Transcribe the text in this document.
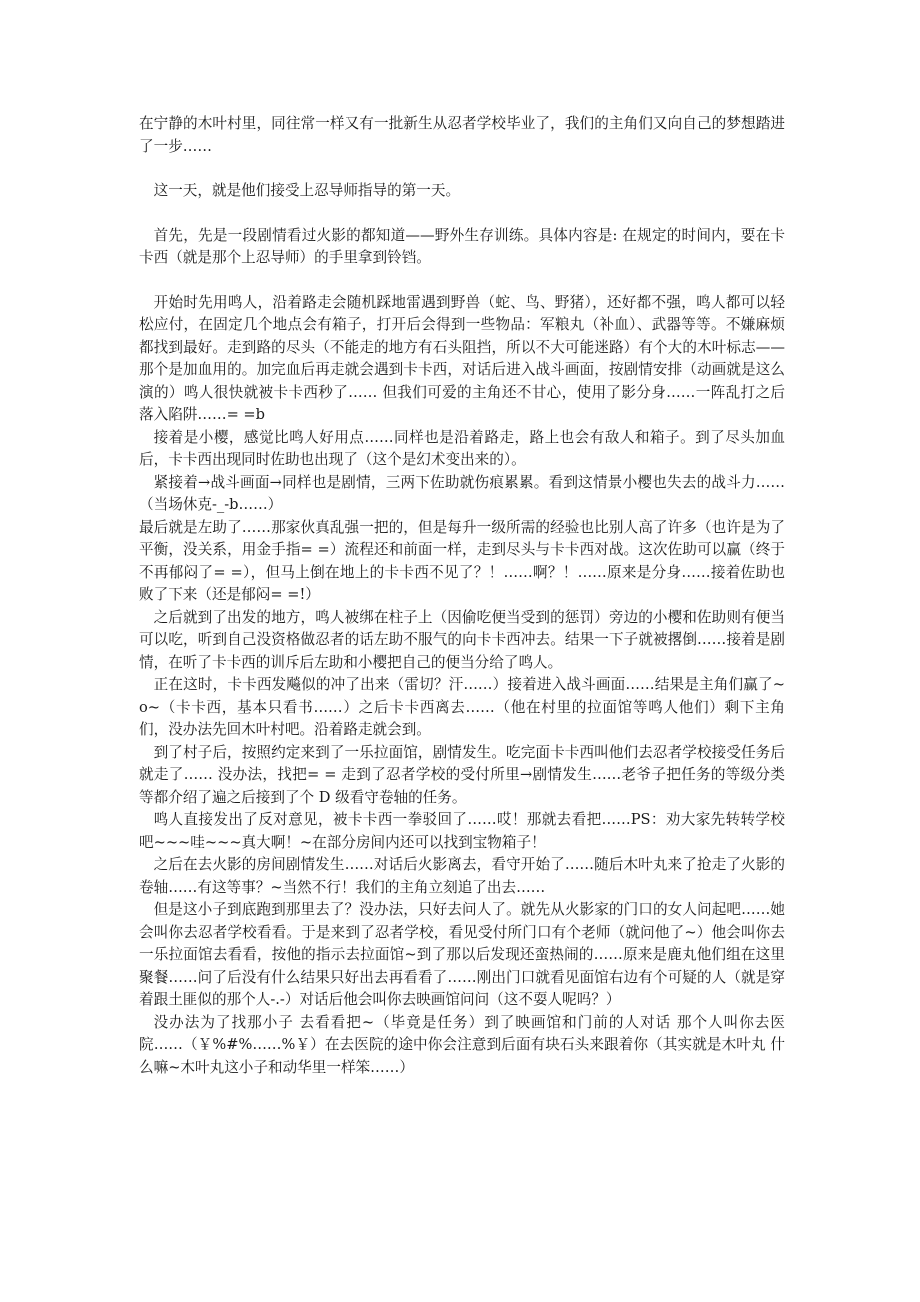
在宁静的木叶村里，同往常一样又有一批新生从忍者学校毕业了，我们的主角们又向自己的梦想踏进了一步……

这一天，就是他们接受上忍导师指导的第一天。

首先，先是一段剧情看过火影的都知道——野外生存训练。具体内容是: 在规定的时间内，要在卡卡西（就是那个上忍导师）的手里拿到铃铛。

开始时先用鸣人，沿着路走会随机踩地雷遇到野兽（蛇、鸟、野猪），还好都不强，鸣人都可以轻松应付，在固定几个地点会有箱子，打开后会得到一些物品：军粮丸（补血）、武器等等。不嫌麻烦都找到最好。走到路的尽头（不能走的地方有石头阻挡，所以不大可能迷路）有个大的木叶标志——那个是加血用的。加完血后再走就会遇到卡卡西，对话后进入战斗画面，按剧情安排（动画就是这么演的）鸣人很快就被卡卡西秒了…… 但我们可爱的主角还不甘心，使用了影分身……一阵乱打之后落入陷阱……= =b

接着是小樱，感觉比鸣人好用点……同样也是沿着路走，路上也会有敌人和箱子。到了尽头加血后，卡卡西出现同时佐助也出现了（这个是幻术变出来的）。

紧接着→战斗画面→同样也是剧情，三两下佐助就伤痕累累。看到这情景小樱也失去的战斗力……（当场休克-_-b……）

最后就是左助了……那家伙真乱强一把的，但是每升一级所需的经验也比别人高了许多（也许是为了平衡，没关系，用金手指= =）流程还和前面一样，走到尽头与卡卡西对战。这次佐助可以赢（终于不再郁闷了= =），但马上倒在地上的卡卡西不见了？！……啊？！……原来是分身……接着佐助也败了下来（还是郁闷= =!）

之后就到了出发的地方，鸣人被绑在柱子上（因偷吃便当受到的惩罚）旁边的小樱和佐助则有便当可以吃，听到自己没资格做忍者的话左助不服气的向卡卡西冲去。结果一下子就被撂倒……接着是剧情，在听了卡卡西的训斥后左助和小樱把自己的便当分给了鸣人。

正在这时，卡卡西发飚似的冲了出来（雷切？汗……）接着进入战斗画面……结果是主角们赢了~o~（卡卡西，基本只看书……）之后卡卡西离去……（他在村里的拉面馆等鸣人他们）剩下主角们，没办法先回木叶村吧。沿着路走就会到。

到了村子后，按照约定来到了一乐拉面馆，剧情发生。吃完面卡卡西叫他们去忍者学校接受任务后就走了…… 没办法，找把= = 走到了忍者学校的受付所里→剧情发生……老爷子把任务的等级分类等都介绍了遍之后接到了个 D 级看守卷轴的任务。

鸣人直接发出了反对意见，被卡卡西一拳驳回了……哎！那就去看把……PS：劝大家先转转学校吧~~~哇~~~真大啊！~在部分房间内还可以找到宝物箱子！

之后在去火影的房间剧情发生……对话后火影离去，看守开始了……随后木叶丸来了抢走了火影的卷轴……有这等事？~当然不行！我们的主角立刻追了出去……

但是这小子到底跑到那里去了？没办法，只好去问人了。就先从火影家的门口的女人问起吧……她会叫你去忍者学校看看。于是来到了忍者学校，看见受付所门口有个老师（就问他了~）他会叫你去一乐拉面馆去看看，按他的指示去拉面馆~到了那以后发现还蛮热闹的……原来是鹿丸他们组在这里聚餐……问了后没有什么结果只好出去再看看了……刚出门口就看见面馆右边有个可疑的人（就是穿着跟土匪似的那个人-.-）对话后他会叫你去映画馆问问（这不耍人呢吗？）

没办法为了找那小子 去看看把~（毕竟是任务）到了映画馆和门前的人对话 那个人叫你去医院……（￥%#%……%￥）在去医院的途中你会注意到后面有块石头来跟着你（其实就是木叶丸 什么嘛~木叶丸这小子和动华里一样笨……）
